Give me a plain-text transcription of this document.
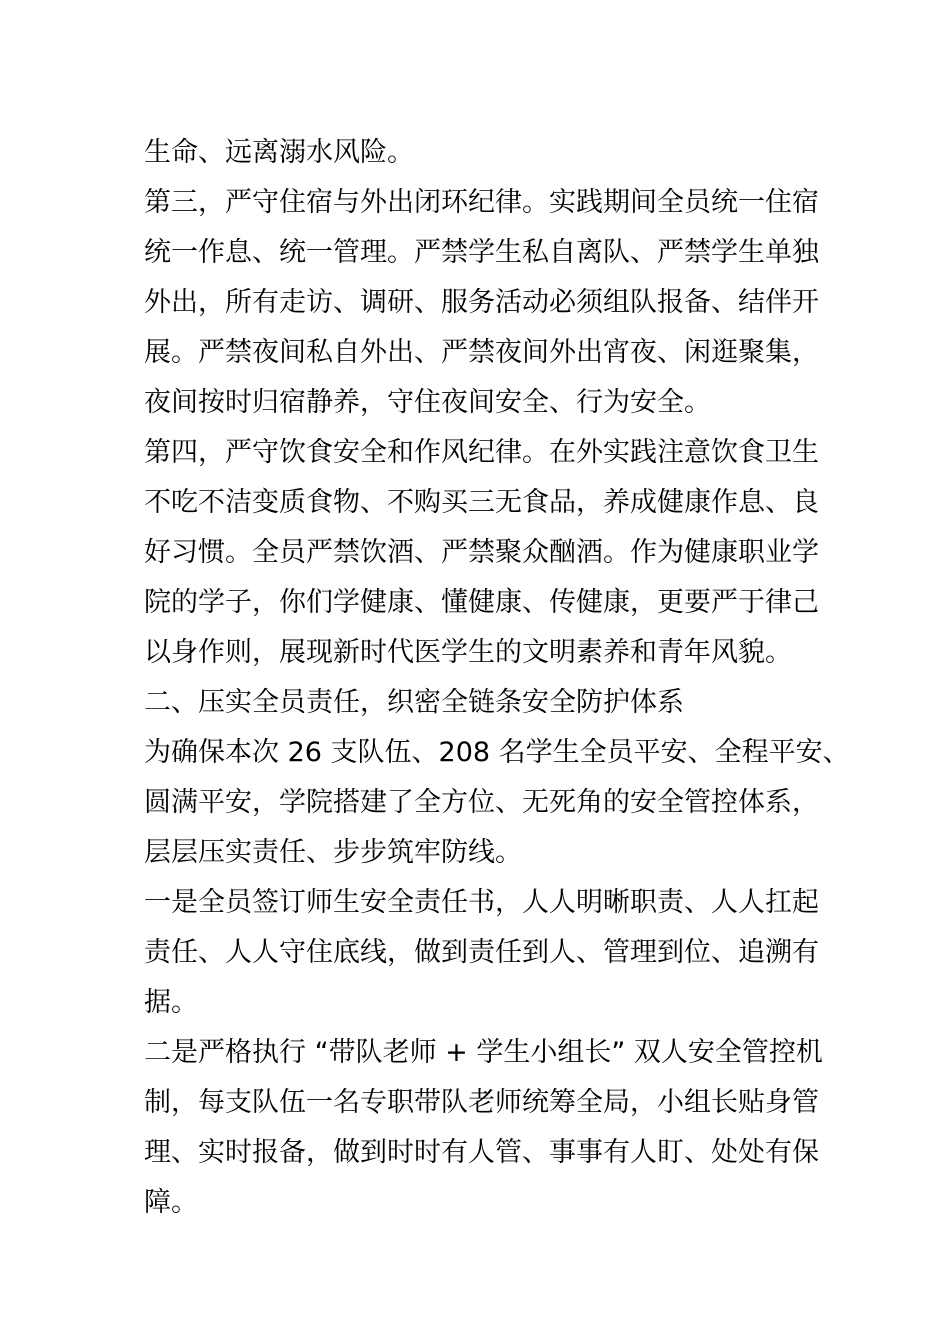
生命、远离溺水风险。
第三，严守住宿与外出闭环纪律。实践期间全员统一住宿
统一作息、统一管理。严禁学生私自离队、严禁学生单独
外出，所有走访、调研、服务活动必须组队报备、结伴开
展。严禁夜间私自外出、严禁夜间外出宵夜、闲逛聚集，
夜间按时归宿静养，守住夜间安全、行为安全。
第四，严守饮食安全和作风纪律。在外实践注意饮食卫生
不吃不洁变质食物、不购买三无食品，养成健康作息、良
好习惯。全员严禁饮酒、严禁聚众酗酒。作为健康职业学
院的学子，你们学健康、懂健康、传健康，更要严于律己
以身作则，展现新时代医学生的文明素养和青年风貌。
二、压实全员责任，织密全链条安全防护体系
为确保本次 26 支队伍、208 名学生全员平安、全程平安、
圆满平安，学院搭建了全方位、无死角的安全管控体系，
层层压实责任、步步筑牢防线。
一是全员签订师生安全责任书，人人明晰职责、人人扛起
责任、人人守住底线，做到责任到人、管理到位、追溯有
据。
二是严格执行 “带队老师 + 学生小组长” 双人安全管控机
制，每支队伍一名专职带队老师统筹全局，小组长贴身管
理、实时报备，做到时时有人管、事事有人盯、处处有保
障。
